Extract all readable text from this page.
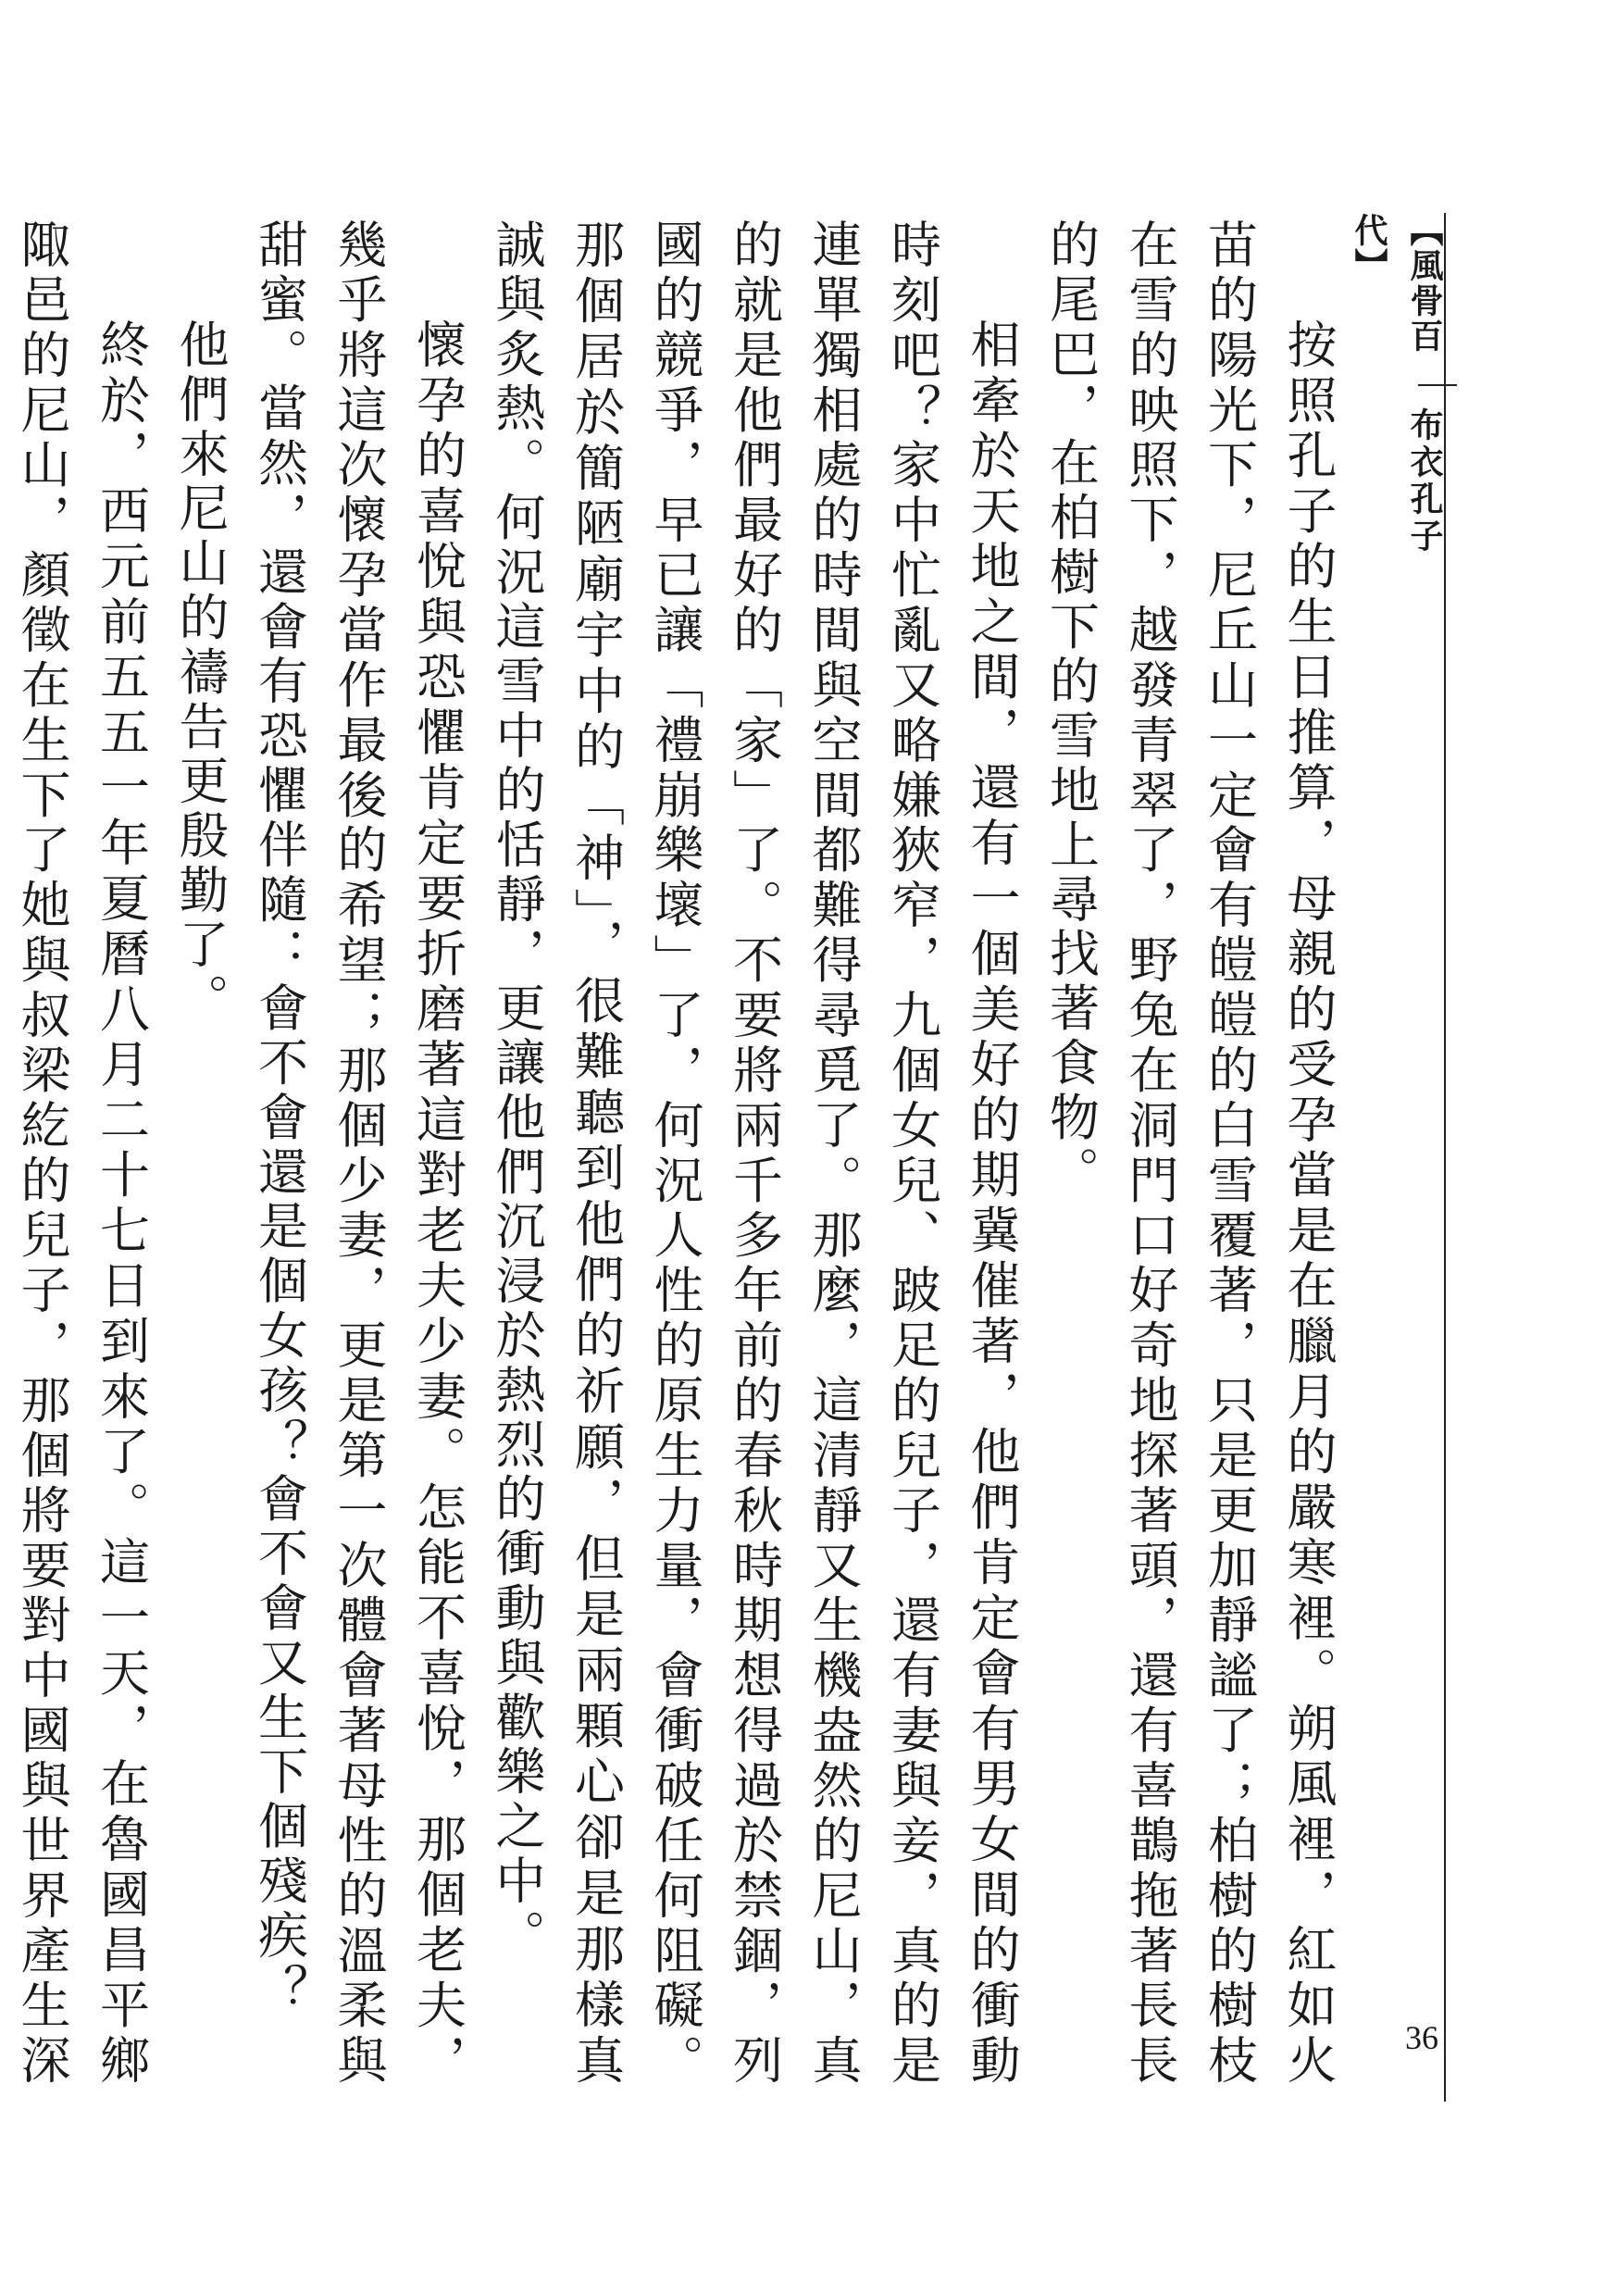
【風骨百代】
布衣孔子
36

按照孔子的生日推算，母親的受孕當是在臘月的嚴寒裡。朔風裡，紅如火苗的陽光下，尼丘山一定會有皚皚的白雪覆著，只是更加靜謐了；柏樹的樹枝在雪的映照下，越發青翠了，野兔在洞門口好奇地探著頭，還有喜鵲拖著長長的尾巴，在柏樹下的雪地上尋找著食物。

相牽於天地之間，還有一個美好的期冀催著，他們肯定會有男女間的衝動時刻吧？家中忙亂又略嫌狹窄，九個女兒、跛足的兒子，還有妻與妾，真的是連單獨相處的時間與空間都難得尋覓了。那麼，這清靜又生機盎然的尼山，真的就是他們最好的「家」了。不要將兩千多年前的春秋時期想得過於禁錮，列國的競爭，早已讓「禮崩樂壞」了，何況人性的原生力量，會衝破任何阻礙。那個居於簡陋廟宇中的「神」，很難聽到他們的祈願，但是兩顆心卻是那樣真誠與炙熱。何況這雪中的恬靜，更讓他們沉浸於熱烈的衝動與歡樂之中。

懷孕的喜悅與恐懼肯定要折磨著這對老夫少妻。怎能不喜悅，那個老夫，幾乎將這次懷孕當作最後的希望；那個少妻，更是第一次體會著母性的溫柔與甜蜜。當然，還會有恐懼伴隨：會不會還是個女孩？會不會又生下個殘疾？

他們來尼山的禱告更殷勤了。

終於，西元前五五一年夏曆八月二十七日到來了。這一天，在魯國昌平鄉陬邑的尼山，顏徵在生下了她與叔梁紇的兒子，那個將要對中國與世界產生深
